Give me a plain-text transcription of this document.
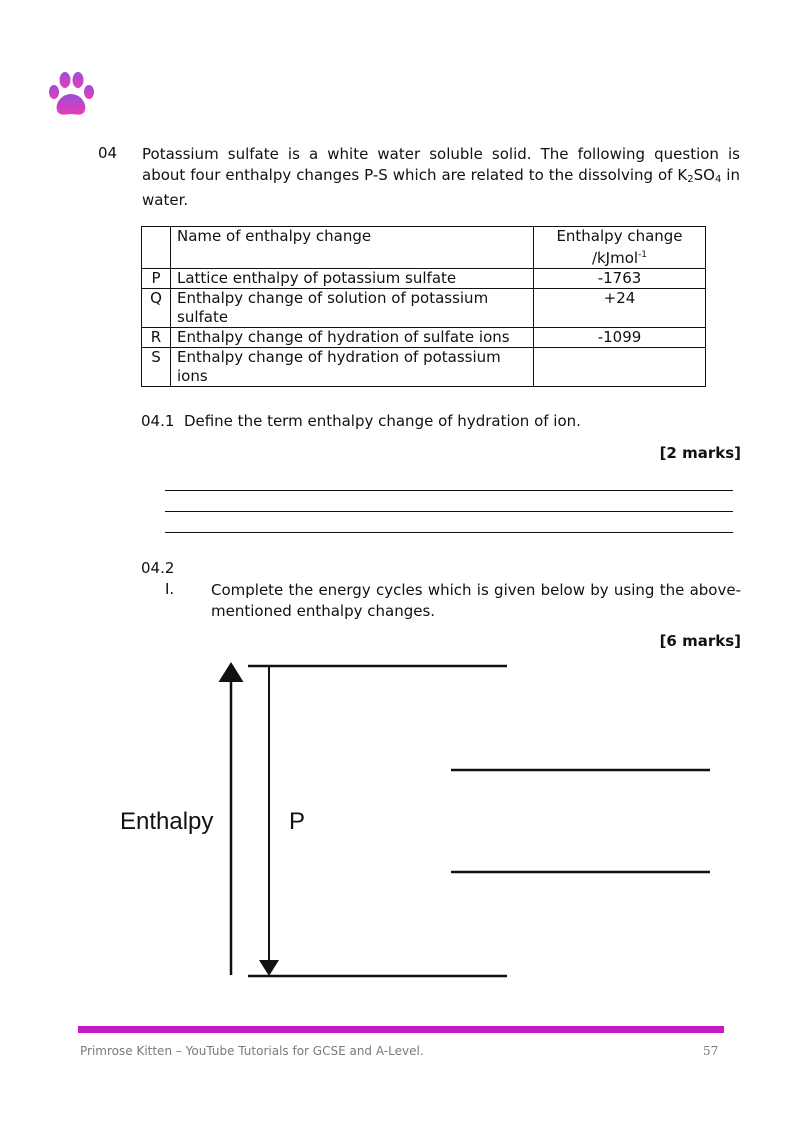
04 Potassium sulfate is a white water soluble solid. The following question is about four enthalpy changes P-S which are related to the dissolving of $K_2SO_4$ in water.
	Name of enthalpy change	Enthalpy change
/kJmol$^{-1}$
P	Lattice enthalpy of potassium sulfate	-1763
Q	Enthalpy change of solution of potassium sulfate	+24
R	Enthalpy change of hydration of sulfate ions	-1099
S	Enthalpy change of hydration of potassium ions	
04.1 Define the term enthalpy change of hydration of ion.
[2 marks]
04.2
I. Complete the energy cycles which is given below by using the above-mentioned enthalpy changes.
[6 marks]
Enthalpy	P
Primrose Kitten – YouTube Tutorials for GCSE and A-Level.	57
